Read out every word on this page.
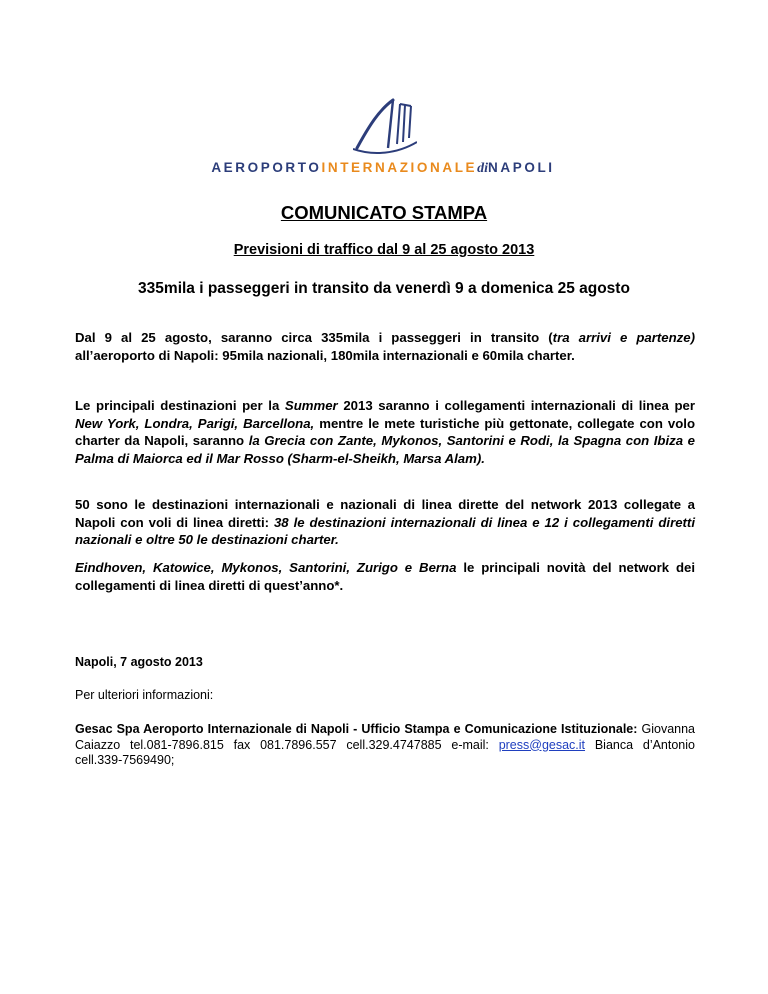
AEROPORTOINTERNAZIONALEdiNAPOLI
COMUNICATO STAMPA
Previsioni di traffico dal 9 al 25 agosto 2013
335mila i passeggeri in transito da venerdì 9 a domenica 25 agosto

Dal 9 al 25 agosto, saranno circa 335mila i passeggeri in transito (tra arrivi e partenze) all’aeroporto di Napoli: 95mila nazionali, 180mila internazionali e 60mila charter.

Le principali destinazioni per la Summer 2013 saranno i collegamenti internazionali di linea per New York, Londra, Parigi, Barcellona, mentre le mete turistiche più gettonate, collegate con volo charter da Napoli, saranno la Grecia con Zante, Mykonos, Santorini e Rodi, la Spagna con Ibiza e Palma di Maiorca ed il Mar Rosso (Sharm-el-Sheikh, Marsa Alam).

50 sono le destinazioni internazionali e nazionali di linea dirette del network 2013 collegate a Napoli con voli di linea diretti: 38 le destinazioni internazionali di linea e 12 i collegamenti diretti nazionali e oltre 50 le destinazioni charter.

Eindhoven, Katowice, Mykonos, Santorini, Zurigo e Berna le principali novità del network dei collegamenti di linea diretti di quest’anno*.

Napoli, 7 agosto 2013
Per ulteriori informazioni:

Gesac Spa Aeroporto Internazionale di Napoli - Ufficio Stampa e Comunicazione Istituzionale: Giovanna Caiazzo tel.081-7896.815 fax 081.7896.557 cell.329.4747885 e-mail: press@gesac.it Bianca d’Antonio cell.339-7569490;
